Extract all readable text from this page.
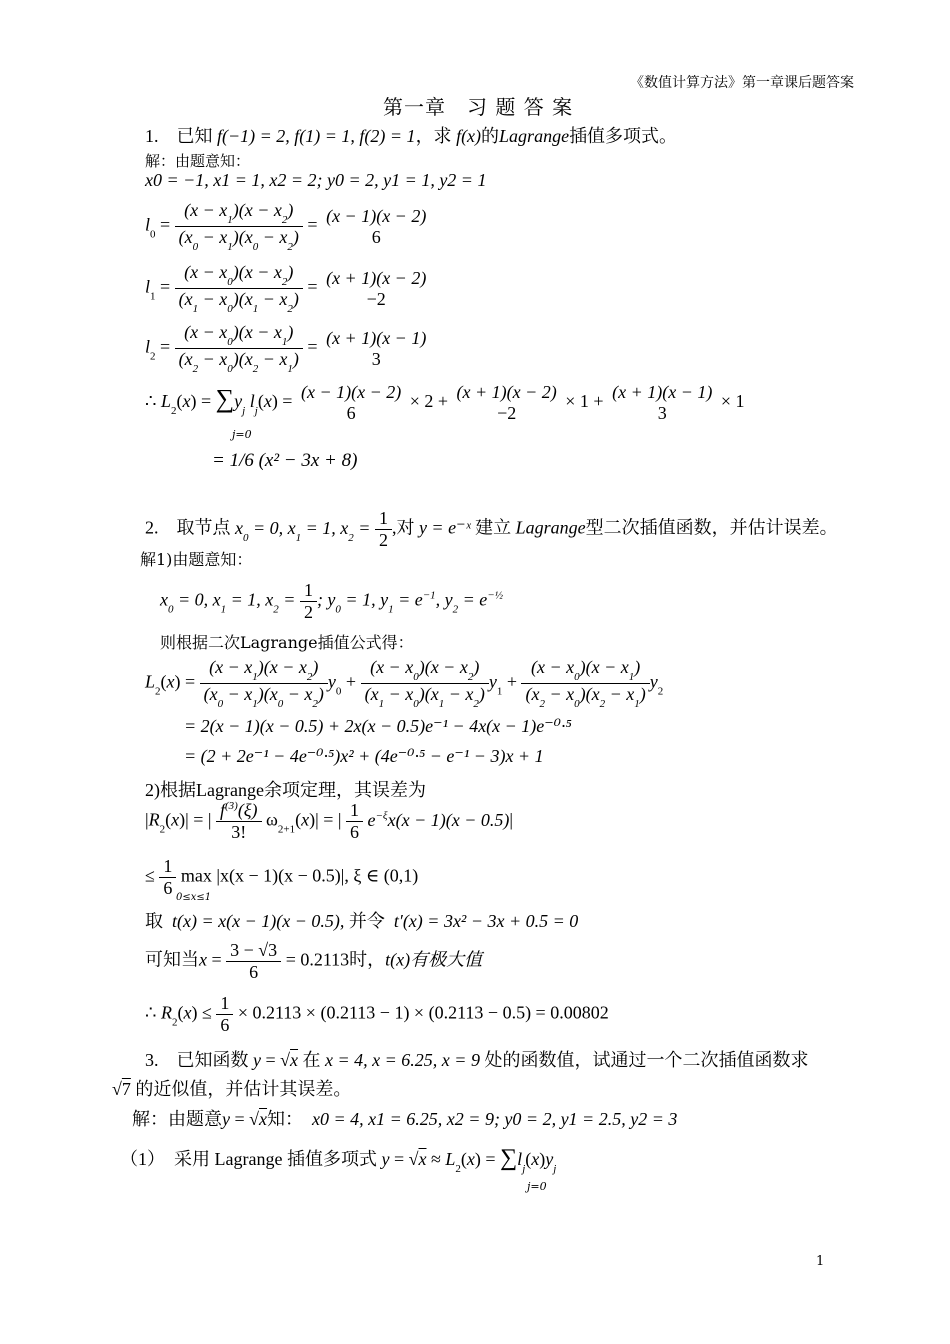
《数值计算方法》第一章课后题答案
第一章　习 题 答 案
1. 已知 f(−1) = 2, f(1) = 1, f(2) = 1，求 f(x)的Lagrange插值多项式。
解：由题意知：
x0 = −1, x1 = 1, x2 = 2; y0 = 2, y1 = 1, y2 = 1
$l_0 = \frac{(x - x_1)(x - x_2)}{(x_0 - x_1)(x_0 - x_2)} = (x - 1)(x - 2)$
6
$l_1 = \frac{(x - x_0)(x - x_2)}{(x_1 - x_0)(x_1 - x_2)} = (x + 1)(x - 2)$
−2
$l_2 = \frac{(x - x_0)(x - x_1)}{(x_2 - x_0)(x_2 - x_1)} = (x + 1)(x - 1)$
3
∴ $L_2(x) = \sum y_j$ $l_j(x) = (x - 1)(x - 2)$
6
× 2 + (x + 1)(x − 2)
−2
× 1 + (x + 1)(x − 1)
3
× 1
j=0
= 1/6 (x² − 3x + 8)
2. 取节点 $x_0 = 0$, $x_1 = 1$, $x_2 = \frac{1}{2}$ ,对 y = e⁻ˣ 建立 Lagrange型二次插值函数，并估计误差。
解1)由题意知：
$x_0 = 0$, $x_1 = 1$, $x_2 = \frac{1}{2}$ ; $y_0 = 1$, $y_1 = e^{-1}$, $y_2 = e^{-\frac{1}{2}}$
则根据二次Lagrange插值公式得：
$L_2(x) = \frac{(x - x_1)(x - x_2)}{(x_0 - x_1)(x_0 - x_2)} y_0 + \frac{(x - x_0)(x - x_2)}{(x_1 - x_0)(x_1 - x_2)} y_1 + \frac{(x - x_0)(x - x_1)}{(x_2 - x_0)(x_2 - x_1)} y_2$
= 2(x − 1)(x − 0.5) + 2x(x − 0.5)e⁻¹ − 4x(x − 1)e⁻⁰·⁵
= (2 + 2e⁻¹ − 4e⁻⁰·⁵)x² + (4e⁻⁰·⁵ − e⁻¹ − 3)x + 1
2)根据Lagrange余项定理，其误差为
$|R_2(x)|$ = | $\frac{f^{(3)}(\xi)}{3!} \omega_{2+1}(x)|$ = | $\frac{1}{6} e^{-\xi}x(x - 1)(x - 0.5)|$
≤ $\frac{1}{6}$ max |x(x − 1)(x − 0.5)|, ξ ∈ (0,1)
0≤x≤1
取 t(x) = x(x − 1)(x − 0.5), 并令 t′(x) = 3x² − 3x + 0.5 = 0
可知当$x = \frac{3 - √3}{6} = 0.2113$时，t(x)有极大值
∴ $R_2(x) \le \frac{1}{6} \times 0.2113 \times (0.2113 - 1) \times (0.2113 - 0.5) = 0.00802$
3. 已知函数 y = √x 在 x = 4, x = 6.25, x = 9 处的函数值，试通过一个二次插值函数求
√7 的近似值，并估计其误差。
解：由题意y = √x知： x0 = 4, x1 = 6.25, x2 = 9; y0 = 2, y1 = 2.5, y2 = 3
（1）　采用 Lagrange 插值多项式 $y = √x \approx L_2(x) = \sum l_j(x)y_j$
j=0
1
